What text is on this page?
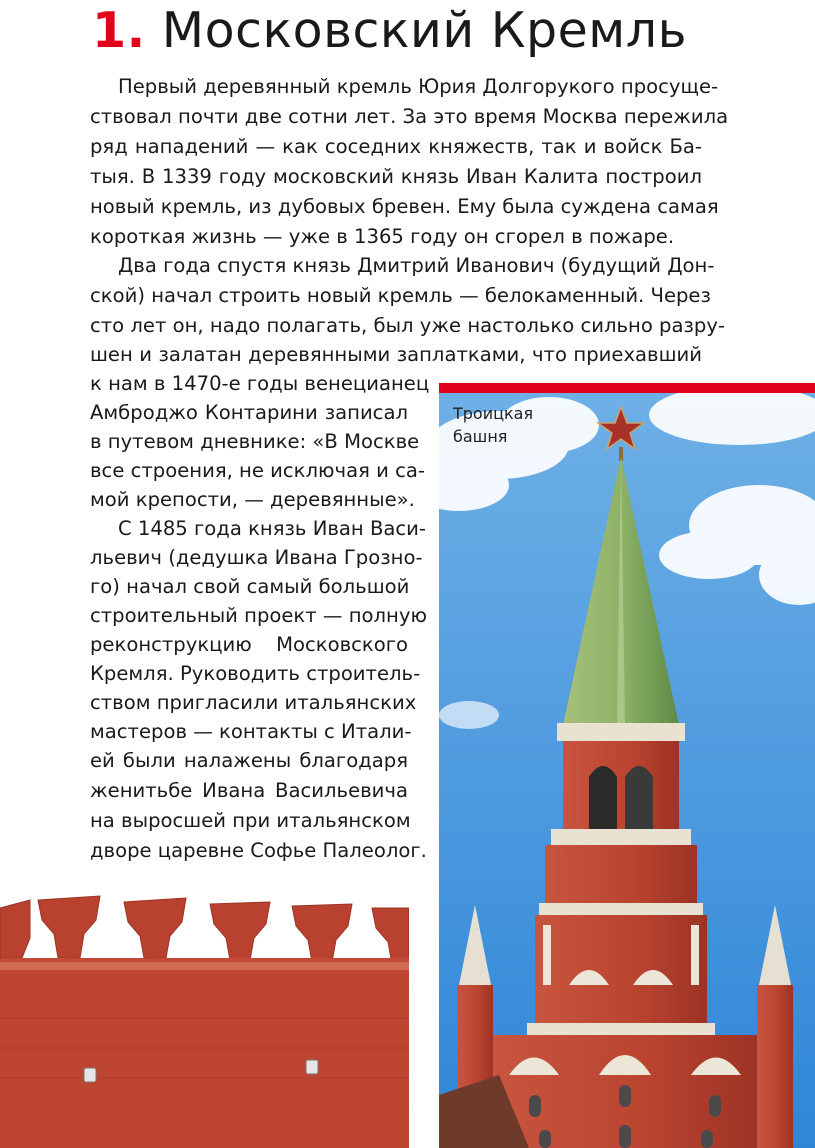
1. Московский Кремль

Первый деревянный кремль Юрия Долгорукого просуще-

ствовал почти две сотни лет. За это время Москва пережила

ряд нападений — как соседних княжеств, так и войск Ба-

тыя. В 1339 году московский князь Иван Калита построил

новый кремль, из дубовых бревен. Ему была суждена самая

короткая жизнь — уже в 1365 году он сгорел в пожаре.

Два года спустя князь Дмитрий Иванович (будущий Дон-

ской) начал строить новый кремль — белокаменный. Через

сто лет он, надо полагать, был уже настолько сильно разру-

шен и залатан деревянными заплатками, что приехавший

к нам в 1470-е годы венецианец

Амброджо Контарини записал

в путевом дневнике: «В Москве

все строения, не исключая и са-

мой крепости, — деревянные».

С 1485 года князь Иван Васи-

льевич (дедушка Ивана Грозно-

го) начал свой самый большой

строительный проект — полную

реконструкцию Московского

Кремля. Руководить строитель-

ством пригласили итальянских

мастеров — контакты с Итали-

ей были налажены благодаря

женитьбе Ивана Васильевича

на выросшей при итальянском

дворе царевне Софье Палеолог.

Троицкая
башня
